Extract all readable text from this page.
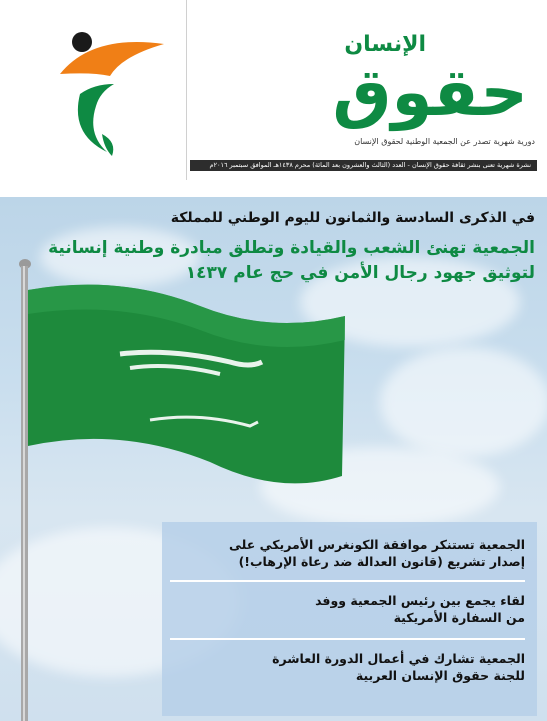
الإنسان
حقوق
دورية شهرية تصدر عن الجمعية الوطنية لحقوق الإنسان
نشرة شهرية تعنى بنشر ثقافة حقوق الإنسان - العدد (الثالث والعشرون بعد المائة) محرم ١٤٣٨هـ الموافق سبتمبر ٢٠١٦م
في الذكرى السادسة والثمانون لليوم الوطني للمملكة
الجمعية تهنئ الشعب والقيادة وتطلق مبادرة وطنية إنسانية
لتوثيق جهود رجال الأمن في حج عام ١٤٣٧
الجمعية تستنكر موافقة الكونغرس الأمريكي على
إصدار تشريع (قانون العدالة ضد رعاة الإرهاب!)
لقاء يجمع بين رئيس الجمعية ووفد
من السفارة الأمريكية
الجمعية تشارك في أعمال الدورة العاشرة
للجنة حقوق الإنسان العربية
